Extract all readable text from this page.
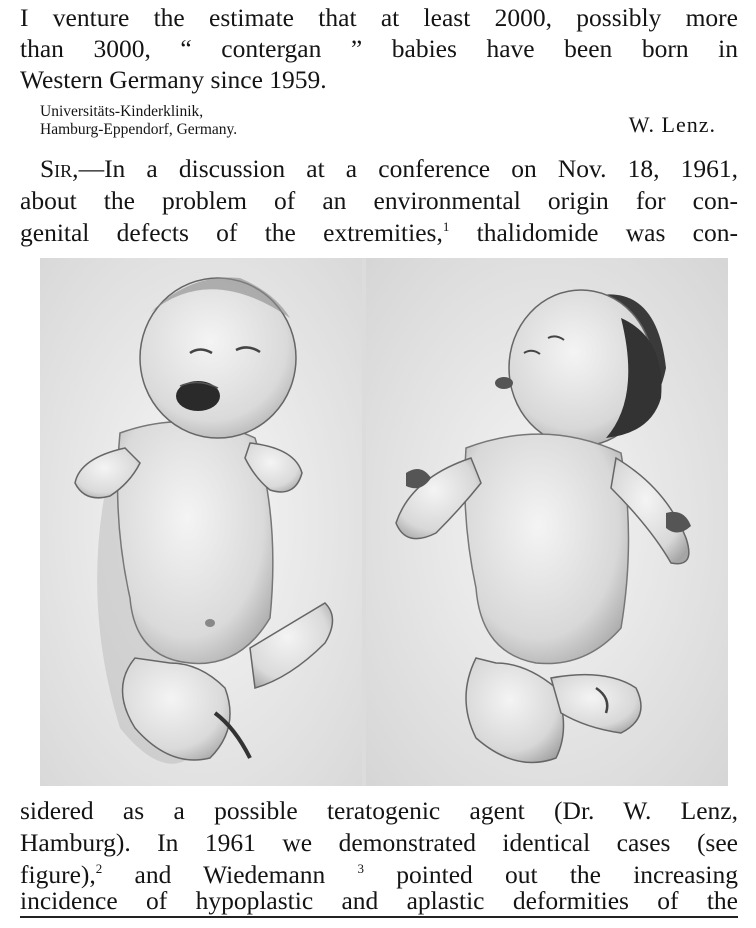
I venture the estimate that at least 2000, possibly more
than 3000, “ contergan ” babies have been born in
Western Germany since 1959.
Universitäts-Kinderklinik,
Hamburg-Eppendorf, Germany.	W. Lenz.
Sir,—In a discussion at a conference on Nov. 18, 1961,
about the problem of an environmental origin for con-
genital defects of the extremities,$^1$ thalidomide was con-
sidered as a possible teratogenic agent (Dr. W. Lenz,
Hamburg). In 1961 we demonstrated identical cases (see
figure),$^2$ and Wiedemann $^3$ pointed out the increasing
incidence of hypoplastic and aplastic deformities of the
